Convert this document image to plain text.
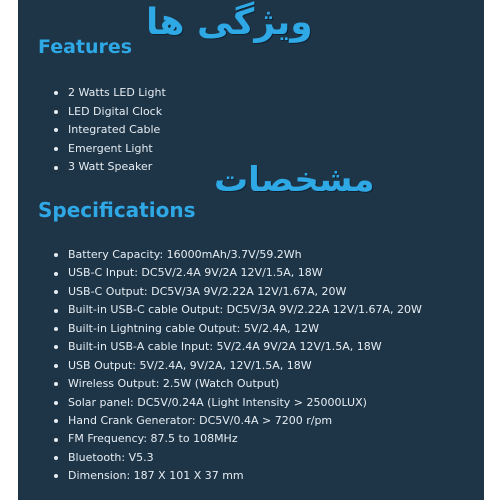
ویژگی ها
Features
2 Watts LED Light
LED Digital Clock
Integrated Cable
Emergent Light
3 Watt Speaker	مشخصات
Specifications
Battery Capacity: 16000mAh/3.7V/59.2Wh
USB-C Input: DC5V/2.4A 9V/2A 12V/1.5A, 18W
USB-C Output: DC5V/3A 9V/2.22A 12V/1.67A, 20W
Built-in USB-C cable Output: DC5V/3A 9V/2.22A 12V/1.67A, 20W
Built-in Lightning cable Output: 5V/2.4A, 12W
Built-in USB-A cable Input: 5V/2.4A 9V/2A 12V/1.5A, 18W
USB Output: 5V/2.4A, 9V/2A, 12V/1.5A, 18W
Wireless Output: 2.5W (Watch Output)
Solar panel: DC5V/0.24A (Light Intensity > 25000LUX)
Hand Crank Generator: DC5V/0.4A > 7200 r/pm
FM Frequency: 87.5 to 108MHz
Bluetooth: V5.3
Dimension: 187 X 101 X 37 mm
